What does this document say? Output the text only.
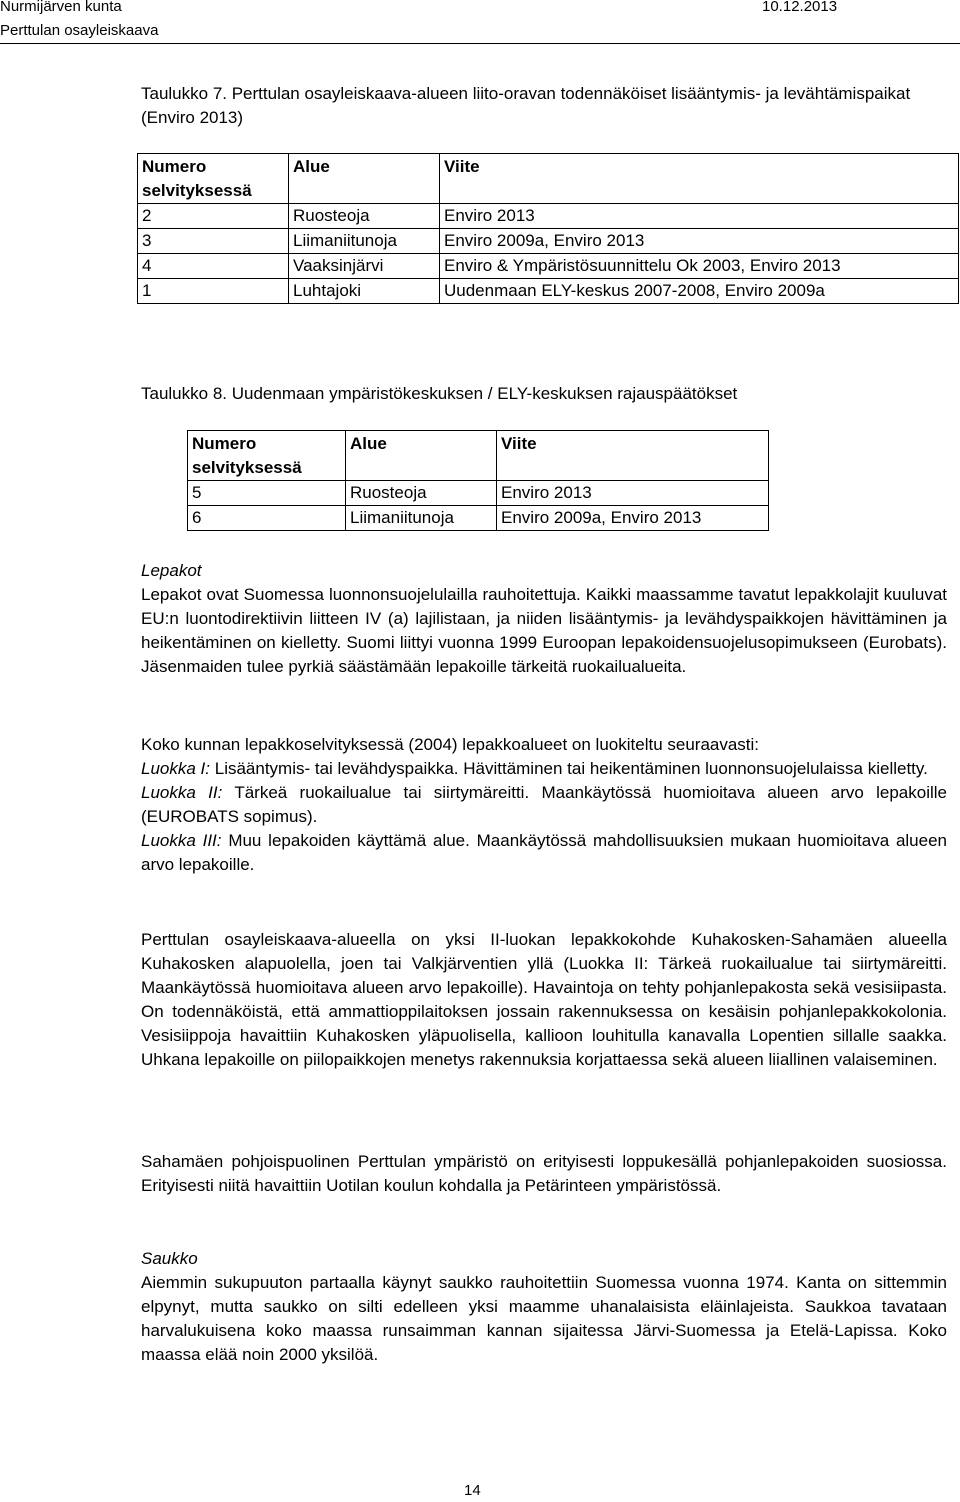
Nurmijärven kunta
Perttulan osayleiskaava
10.12.2013
Taulukko 7. Perttulan osayleiskaava-alueen liito-oravan todennäköiset lisääntymis- ja levähtämispaikat (Enviro 2013)
Numero selvityksessä	Alue	Viite
2	Ruosteoja	Enviro 2013
3	Liimaniitunoja	Enviro 2009a, Enviro 2013
4	Vaaksinjärvi	Enviro & Ympäristösuunnittelu Ok 2003, Enviro 2013
1	Luhtajoki	Uudenmaan ELY-keskus 2007-2008, Enviro 2009a
Taulukko 8. Uudenmaan ympäristökeskuksen / ELY-keskuksen rajauspäätökset
Numero selvityksessä	Alue	Viite
5	Ruosteoja	Enviro 2013
6	Liimaniitunoja	Enviro 2009a, Enviro 2013

Lepakot

Lepakot ovat Suomessa luonnonsuojelulailla rauhoitettuja. Kaikki maassamme tavatut lepakkolajit kuuluvat EU:n luontodirektiivin liitteen IV (a) lajilistaan, ja niiden lisääntymis- ja levähdyspaikkojen hävittäminen ja heikentäminen on kielletty. Suomi liittyi vuonna 1999 Euroopan lepakoidensuojelusopimukseen (Eurobats). Jäsenmaiden tulee pyrkiä säästämään lepakoille tärkeitä ruokailualueita.

Koko kunnan lepakkoselvityksessä (2004) lepakkoalueet on luokiteltu seuraavasti:

Luokka I: Lisääntymis- tai levähdyspaikka. Hävittäminen tai heikentäminen luonnonsuojelulaissa kielletty.

Luokka II: Tärkeä ruokailualue tai siirtymäreitti. Maankäytössä huomioitava alueen arvo lepakoille (EUROBATS sopimus).

Luokka III: Muu lepakoiden käyttämä alue. Maankäytössä mahdollisuuksien mukaan huomioitava alueen arvo lepakoille.

Perttulan osayleiskaava-alueella on yksi II-luokan lepakkokohde Kuhakosken-Sahamäen alueella Kuhakosken alapuolella, joen tai Valkjärventien yllä (Luokka II: Tärkeä ruokailualue tai siirtymäreitti. Maankäytössä huomioitava alueen arvo lepakoille). Havaintoja on tehty pohjanlepakosta sekä vesisiipasta. On todennäköistä, että ammattioppilaitoksen jossain rakennuksessa on kesäisin pohjanlepakkokolonia. Vesisiippoja havaittiin Kuhakosken yläpuolisella, kallioon louhitulla kanavalla Lopentien sillalle saakka. Uhkana lepakoille on piilopaikkojen menetys rakennuksia korjattaessa sekä alueen liiallinen valaiseminen.
Sahamäen pohjoispuolinen Perttulan ympäristö on erityisesti loppukesällä pohjanlepakoiden suosiossa. Erityisesti niitä havaittiin Uotilan koulun kohdalla ja Petärinteen ympäristössä.

Saukko

Aiemmin sukupuuton partaalla käynyt saukko rauhoitettiin Suomessa vuonna 1974. Kanta on sittemmin elpynyt, mutta saukko on silti edelleen yksi maamme uhanalaisista eläinlajeista. Saukkoa tavataan harvalukuisena koko maassa runsaimman kannan sijaitessa Järvi-Suomessa ja Etelä-Lapissa. Koko maassa elää noin 2000 yksilöä.

14
